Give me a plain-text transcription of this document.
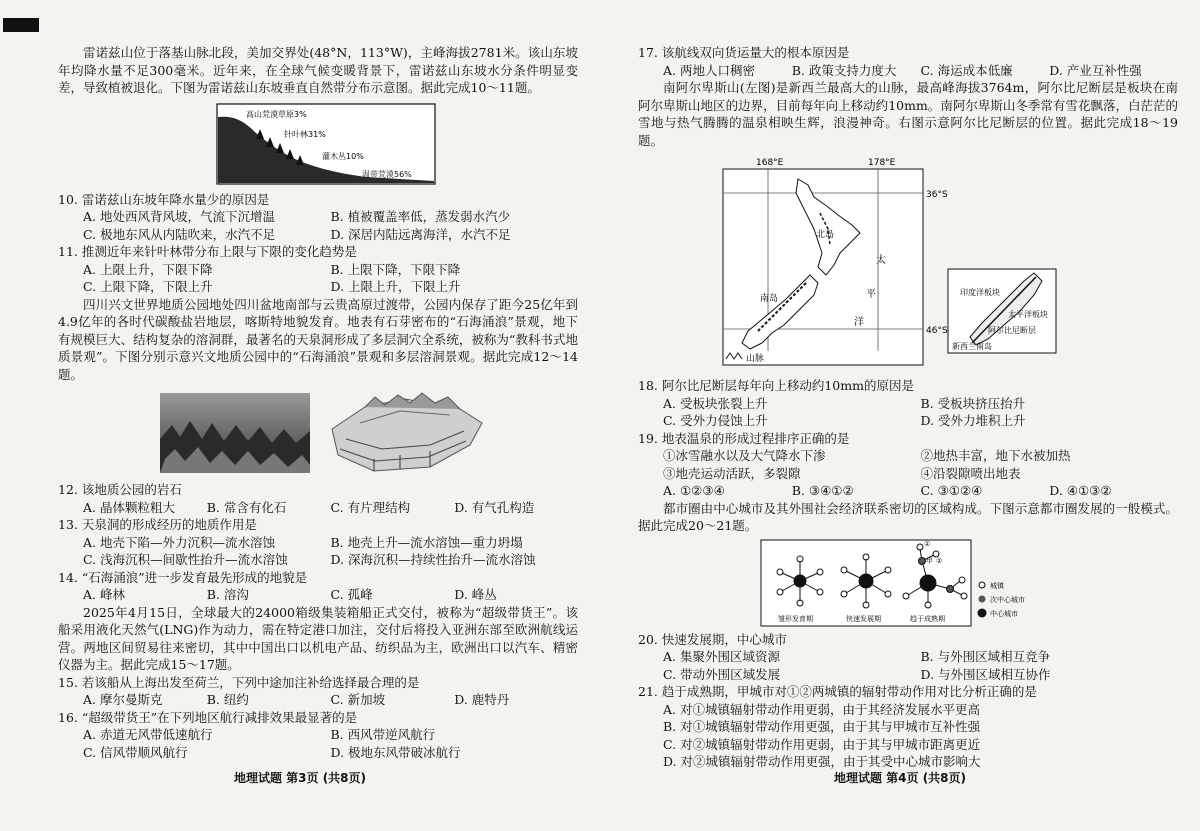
雷诺兹山位于落基山脉北段，美加交界处(48°N，113°W)，主峰海拔2781米。该山东坡年均降水量不足300毫米。近年来，在全球气候变暖背景下，雷诺兹山东坡水分条件明显变差，导致植被退化。下图为雷诺兹山东坡垂直自然带分布示意图。据此完成10～11题。

高山荒漠草原3%
针叶林31%
灌木丛10%
温带荒漠56%

10. 雷诺兹山东坡年降水量少的原因是

A. 地处西风背风坡，气流下沉增温	B. 植被覆盖率低，蒸发弱水汽少
C. 极地东风从内陆吹来，水汽不足	D. 深居内陆远离海洋，水汽不足

11. 推测近年来针叶林带分布上限与下限的变化趋势是

A. 上限上升，下限下降	B. 上限下降，下限下降
C. 上限下降，下限上升	D. 上限上升，下限上升

四川兴文世界地质公园地处四川盆地南部与云贵高原过渡带，公园内保存了距今25亿年到4.9亿年的各时代碳酸盐岩地层，喀斯特地貌发育。地表有石芽密布的“石海涌浪”景观，地下有规模巨大、结构复杂的溶洞群，最著名的天泉洞形成了多层洞穴全系统，被称为“教科书式地质景观”。下图分别示意兴文地质公园中的“石海涌浪”景观和多层溶洞景观。据此完成12～14题。

12. 该地质公园的岩石

A. 晶体颗粒粗大	B. 常含有化石	C. 有片理结构	D. 有气孔构造

13. 天泉洞的形成经历的地质作用是

A. 地壳下陷—外力沉积—流水溶蚀	B. 地壳上升—流水溶蚀—重力坍塌
C. 浅海沉积—间歇性抬升—流水溶蚀	D. 深海沉积—持续性抬升—流水溶蚀

14. “石海涌浪”进一步发育最先形成的地貌是

A. 峰林	B. 溶沟	C. 孤峰	D. 峰丛

2025年4月15日，全球最大的24000箱级集装箱船正式交付，被称为“超级带货王”。该船采用液化天然气(LNG)作为动力，需在特定港口加注，交付后将投入亚洲东部至欧洲航线运营。两地区间贸易往来密切，其中中国出口以机电产品、纺织品为主，欧洲出口以汽车、精密仪器为主。据此完成15～17题。

15. 若该船从上海出发至荷兰，下列中途加注补给选择最合理的是

A. 摩尔曼斯克	B. 纽约	C. 新加坡	D. 鹿特丹

16. “超级带货王”在下列地区航行减排效果最显著的是

A. 赤道无风带低速航行	B. 西风带逆风航行
C. 信风带顺风航行	D. 极地东风带破冰航行
地理试题 第3页 (共8页)

17. 该航线双向货运量大的根本原因是

A. 两地人口稠密	B. 政策支持力度大	C. 海运成本低廉	D. 产业互补性强

南阿尔卑斯山(左图)是新西兰最高大的山脉，最高峰海拔3764m，阿尔比尼断层是板块在南阿尔卑斯山地区的边界，目前每年向上移动约10mm。南阿尔卑斯山冬季常有雪花飘落，白茫茫的雪地与热气腾腾的温泉相映生辉，浪漫神奇。右图示意阿尔比尼断层的位置。据此完成18～19题。

168°E	178°E
36°S
46°S
北岛
南岛
太
平
洋
山脉
印度洋板块
太平洋板块
阿尔比尼断层
新西兰南岛

18. 阿尔比尼断层每年向上移动约10mm的原因是

A. 受板块张裂上升	B. 受板块挤压抬升
C. 受外力侵蚀上升	D. 受外力堆积上升

19. 地表温泉的形成过程排序正确的是

①冰雪融水以及大气降水下渗	②地热丰富，地下水被加热
③地壳运动活跃，多裂隙	④沿裂隙喷出地表
A. ①②③④	B. ③④①②	C. ③①②④	D. ④①③②

都市圈由中心城市及其外围社会经济联系密切的区域构成。下图示意都市圈发展的一般模式。据此完成20～21题。

①
甲 ②
雏形发育期	快速发展期	趋于成熟期
城镇
次中心城市
中心城市

20. 快速发展期，中心城市

A. 集聚外围区域资源	B. 与外围区域相互竞争
C. 带动外围区域发展	D. 与外围区域相互协作

21. 趋于成熟期，甲城市对①②两城镇的辐射带动作用对比分析正确的是

A. 对①城镇辐射带动作用更弱，由于其经济发展水平更高
B. 对①城镇辐射带动作用更强，由于其与甲城市互补性强
C. 对②城镇辐射带动作用更弱，由于其与甲城市距离更近
D. 对②城镇辐射带动作用更强，由于其受中心城市影响大
地理试题 第4页 (共8页)
